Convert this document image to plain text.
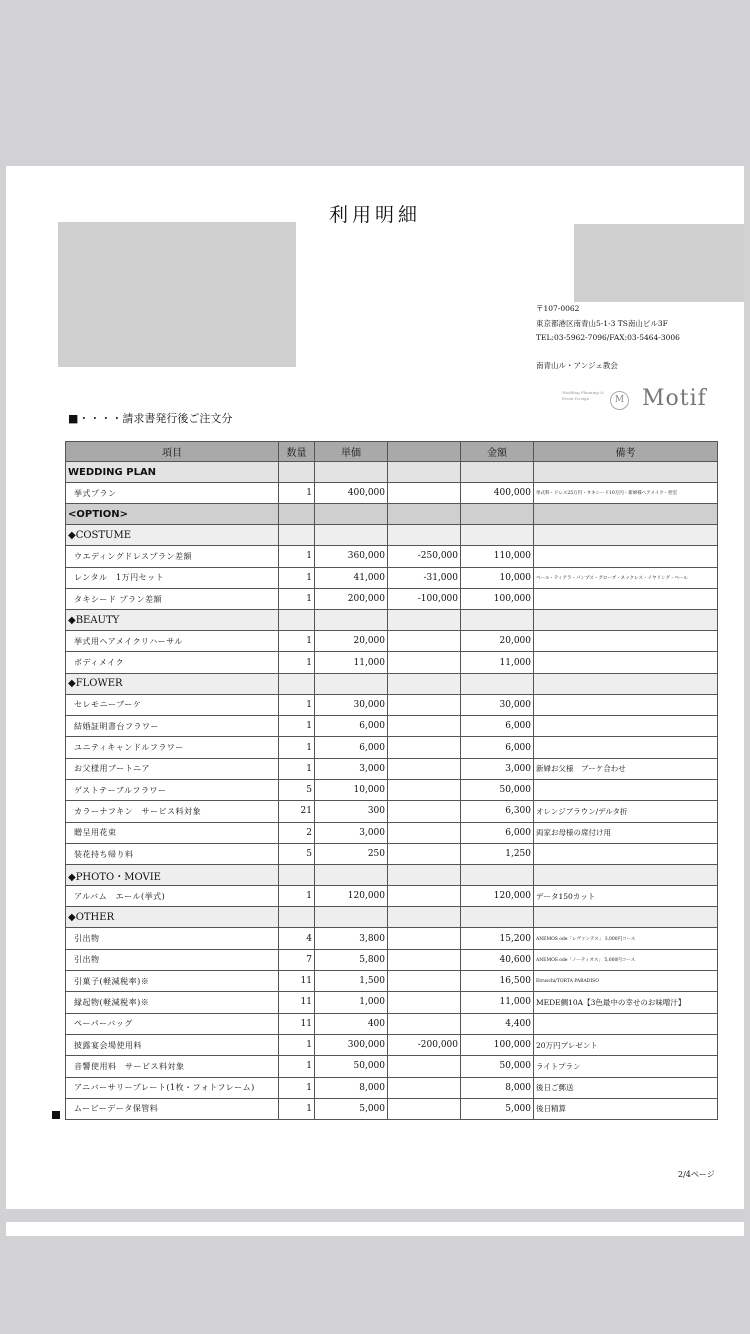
利用明細
〒107-0062
東京都港区南青山5-1-3 TS南山ビル3F
TEL:03-5962-7096/FAX:03-5464-3006
南青山ル・アンジェ教会
Wedding Planning & Event Design	M Motif
■・・・・請求書発行後ご注文分
項目	数量	単価		金額	備考
WEDDING PLAN					
挙式プラン	1	400,000		400,000	挙式料・ドレス25万円・タキシード10万円・新婦様ヘアメイク・控室
<OPTION>					
◆COSTUME					
ウエディングドレスプラン差額	1	360,000	-250,000	110,000	
レンタル　1万円セット	1	41,000	-31,000	10,000	ベール・ティアラ・パンプス・グローブ・ネックレス・イヤリング・ベール
タキシード プラン差額	1	200,000	-100,000	100,000	
◆BEAUTY					
挙式用ヘアメイクリハーサル	1	20,000		20,000	
ボディメイク	1	11,000		11,000	
◆FLOWER					
セレモニーブーケ	1	30,000		30,000	
結婚証明書台フラワー	1	6,000		6,000	
ユニティキャンドルフラワー	1	6,000		6,000	
お父様用ブートニア	1	3,000		3,000	新婦お父様　ブーケ合わせ
ゲストテーブルフラワー	5	10,000		50,000	
カラーナフキン　サービス料対象	21	300		6,300	オレンジブラウン/デルタ折
贈呈用花束	2	3,000		6,000	両家お母様の席付け用
装花持ち帰り料	5	250		1,250	
◆PHOTO・MOVIE					
アルバム　エール(挙式)	1	120,000		120,000	データ150カット
◆OTHER					
引出物	4	3,800		15,200	ANEMOS ode「レヴァンテス」 3,000円コース
引出物	7	5,800		40,600	ANEMOS ode「ノーティオス」 5,000円コース
引菓子(軽減税率)※	11	1,500		16,500	Etruschi/TORTA PARADISO
縁起物(軽減税率)※	11	1,000		11,000	MEDE鯛10A【3色最中の幸せのお味噌汁】
ペーパーバッグ	11	400		4,400	
披露宴会場使用料	1	300,000	-200,000	100,000	20万円プレゼント
音響使用料　サービス料対象	1	50,000		50,000	ライトプラン
アニバーサリープレート(1枚・フォトフレーム)	1	8,000		8,000	後日ご郵送
ムービーデータ保管料	1	5,000		5,000	後日精算
2/4ページ
